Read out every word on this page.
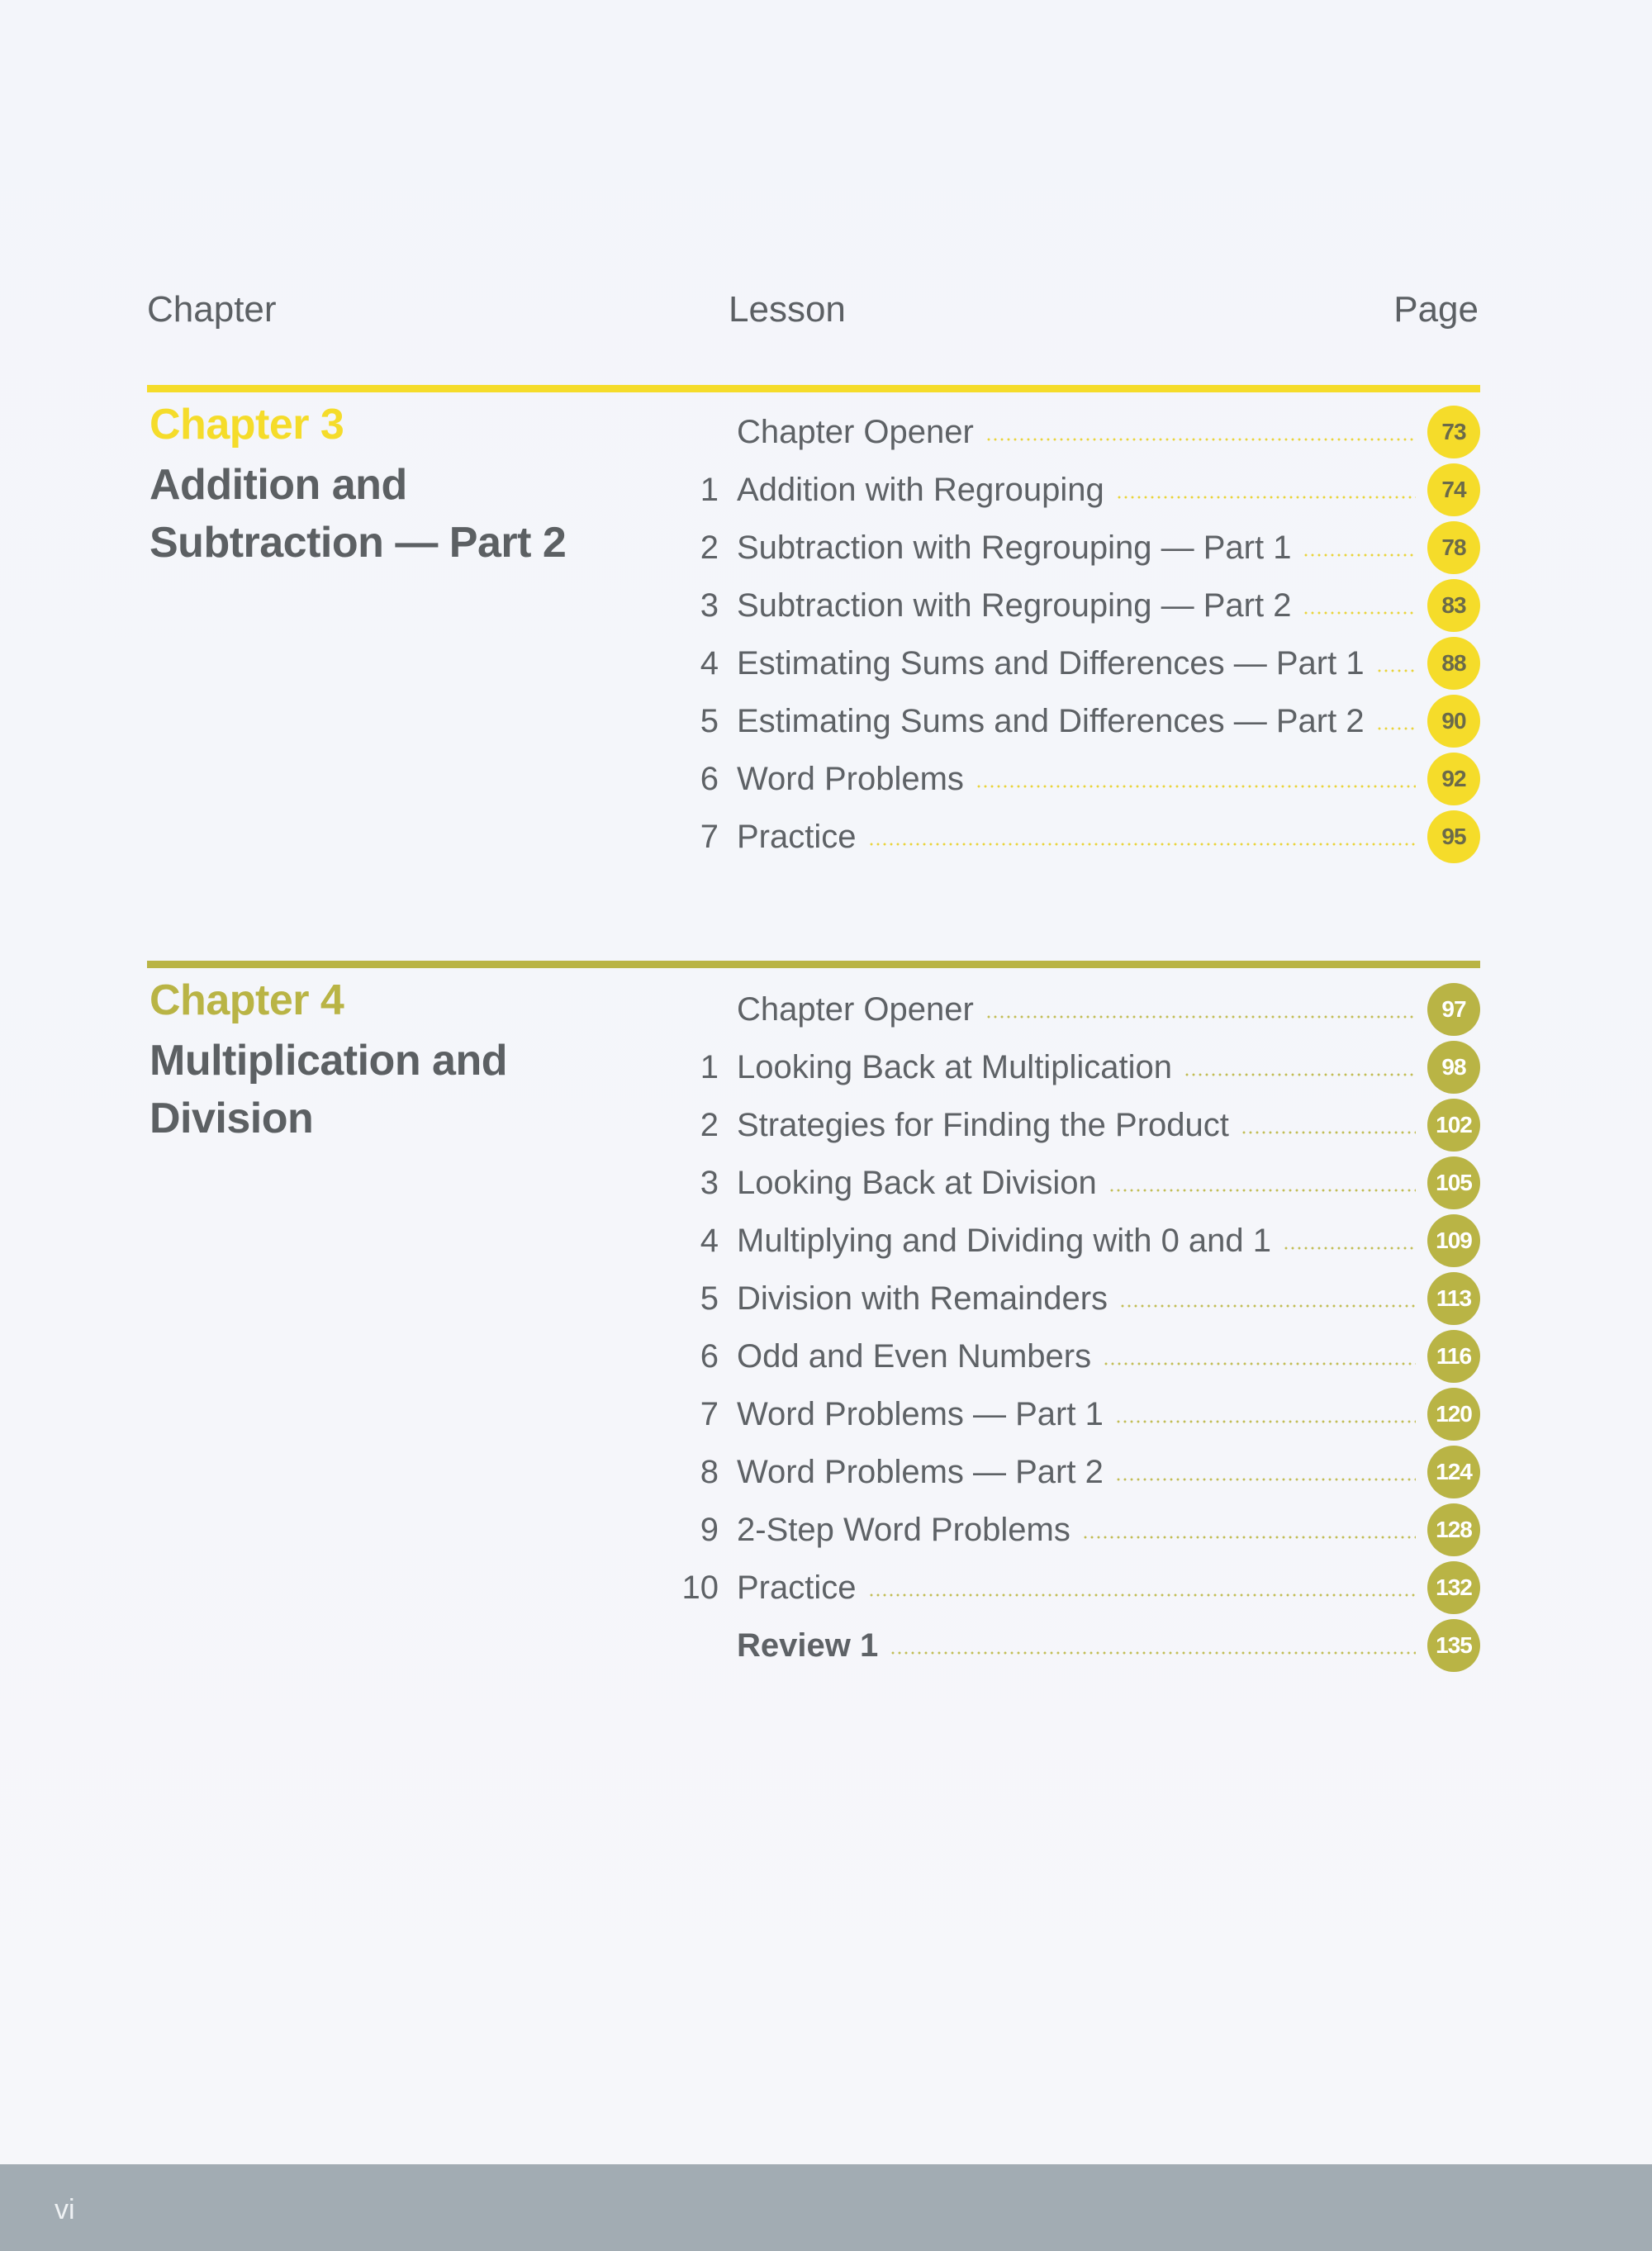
Chapter	Lesson	Page
Chapter 3
Addition and Subtraction — Part 2
Chapter Opener	73
1 Addition with Regrouping	74
2 Subtraction with Regrouping — Part 1	78
3 Subtraction with Regrouping — Part 2	83
4 Estimating Sums and Differences — Part 1	88
5 Estimating Sums and Differences — Part 2	90
6 Word Problems	92
7 Practice	95
Chapter 4
Multiplication and Division
Chapter Opener	97
1 Looking Back at Multiplication	98
2 Strategies for Finding the Product	102
3 Looking Back at Division	105
4 Multiplying and Dividing with 0 and 1	109
5 Division with Remainders	113
6 Odd and Even Numbers	116
7 Word Problems — Part 1	120
8 Word Problems — Part 2	124
9 2-Step Word Problems	128
10 Practice	132
Review 1	135
vi
